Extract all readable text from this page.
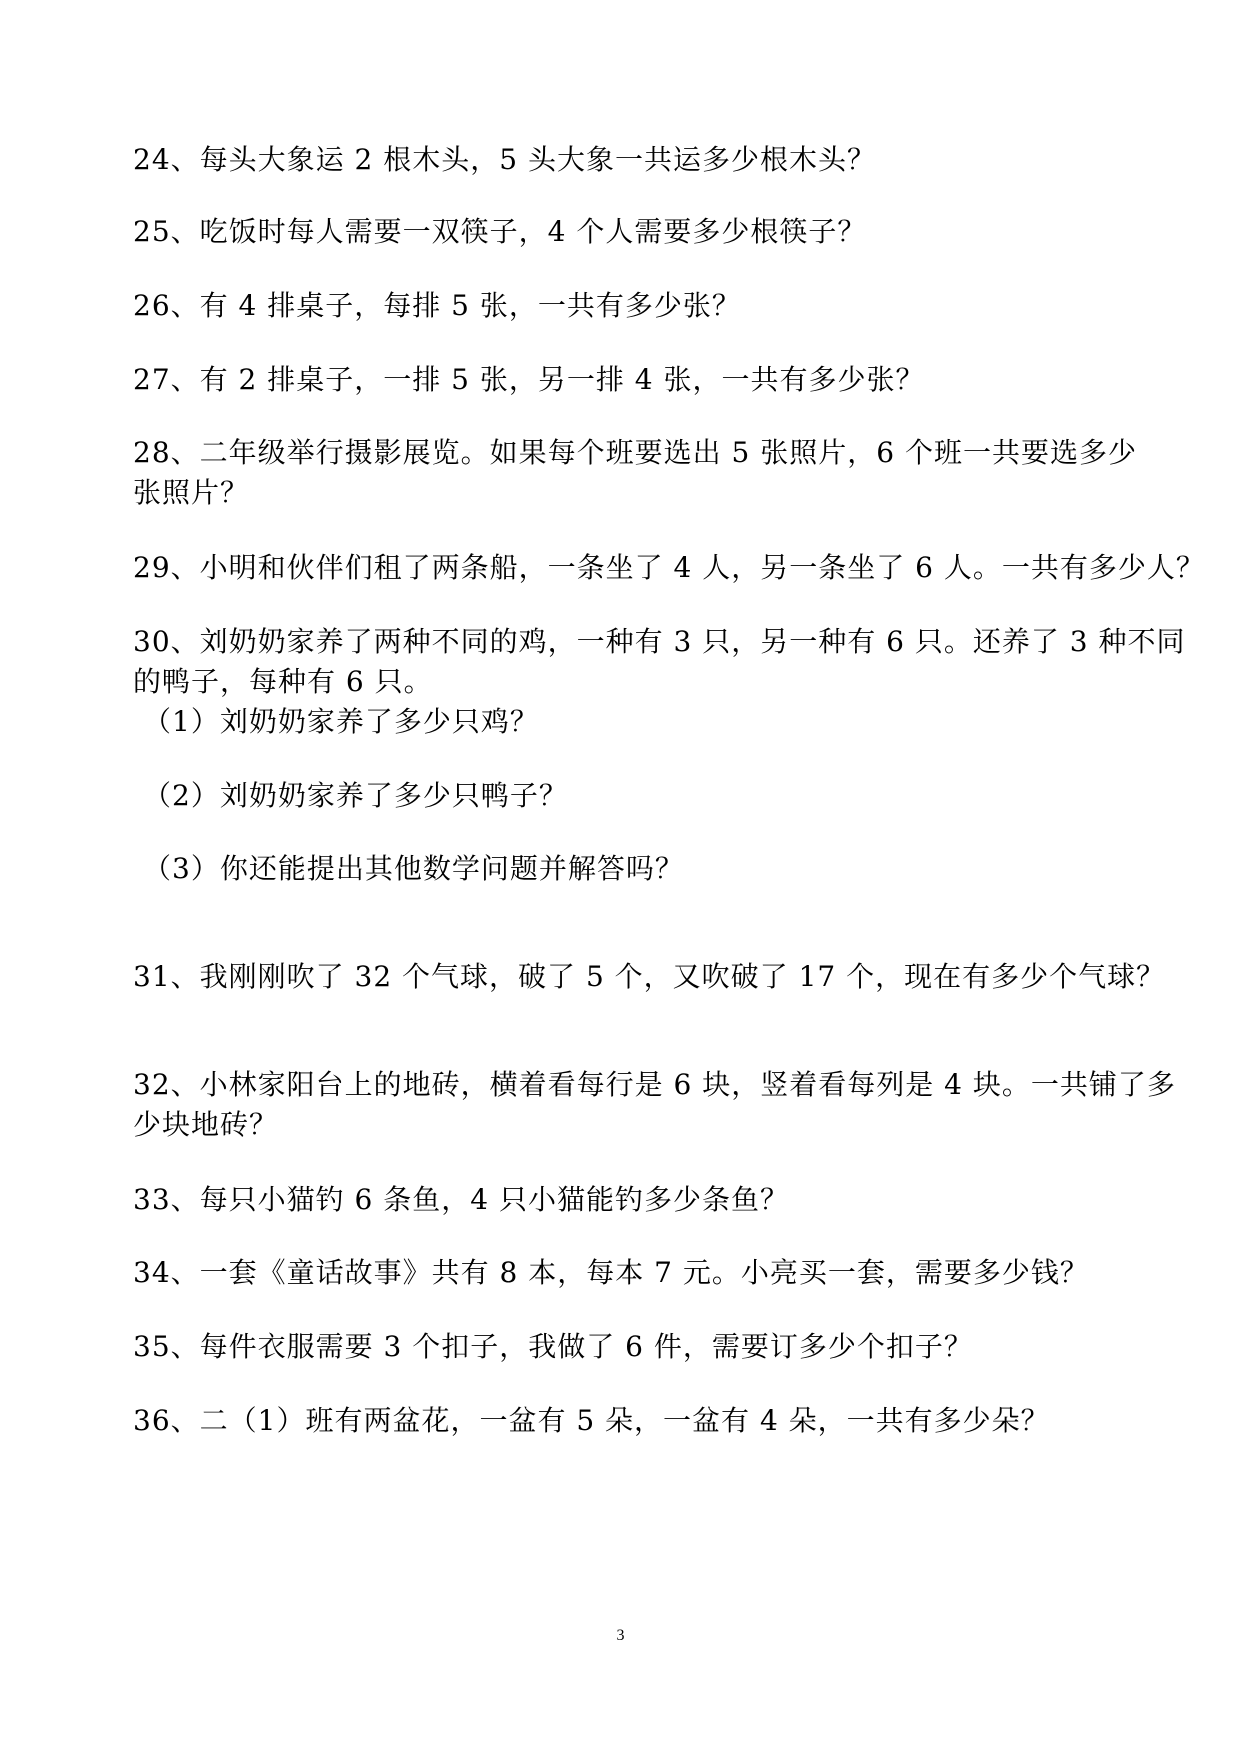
24、每头大象运 2 根木头，5 头大象一共运多少根木头？
25、吃饭时每人需要一双筷子，4 个人需要多少根筷子？
26、有 4 排桌子，每排 5 张，一共有多少张？
27、有 2 排桌子，一排 5 张，另一排 4 张，一共有多少张？
28、二年级举行摄影展览。如果每个班要选出 5 张照片，6 个班一共要选多少
张照片？
29、小明和伙伴们租了两条船，一条坐了 4 人，另一条坐了 6 人。一共有多少人？
30、刘奶奶家养了两种不同的鸡，一种有 3 只，另一种有 6 只。还养了 3 种不同
的鸭子，每种有 6 只。
（1）刘奶奶家养了多少只鸡？
（2）刘奶奶家养了多少只鸭子？
（3）你还能提出其他数学问题并解答吗？
31、我刚刚吹了 32 个气球，破了 5 个，又吹破了 17 个，现在有多少个气球？
32、小林家阳台上的地砖，横着看每行是 6 块，竖着看每列是 4 块。一共铺了多
少块地砖？
33、每只小猫钓 6 条鱼，4 只小猫能钓多少条鱼？
34、一套《童话故事》共有 8 本，每本 7 元。小亮买一套，需要多少钱？
35、每件衣服需要 3 个扣子，我做了 6 件，需要订多少个扣子？
36、二（1）班有两盆花，一盆有 5 朵，一盆有 4 朵，一共有多少朵？
3
